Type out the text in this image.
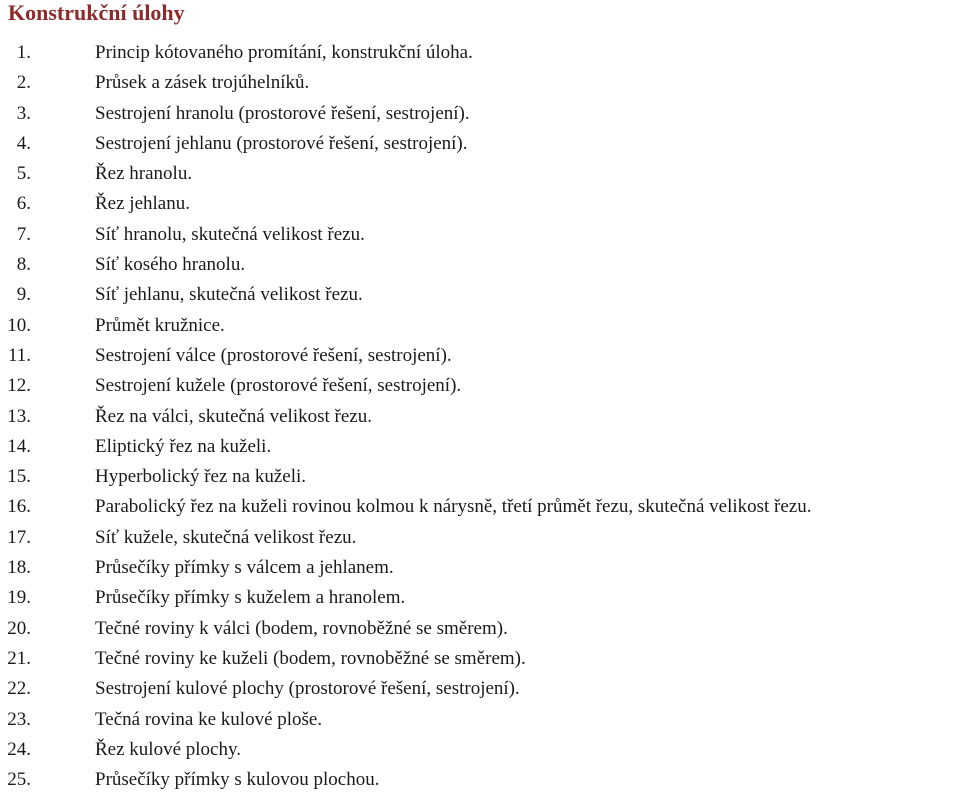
Konstrukční úlohy
1.	Princip kótovaného promítání, konstrukční úloha.
2.	Průsek a zásek trojúhelníků.
3.	Sestrojení hranolu (prostorové řešení, sestrojení).
4.	Sestrojení jehlanu (prostorové řešení, sestrojení).
5.	Řez hranolu.
6.	Řez jehlanu.
7.	Síť hranolu, skutečná velikost řezu.
8.	Síť kosého hranolu.
9.	Síť jehlanu, skutečná velikost řezu.
10.	Průmět kružnice.
11.	Sestrojení válce (prostorové řešení, sestrojení).
12.	Sestrojení kužele (prostorové řešení, sestrojení).
13.	Řez na válci, skutečná velikost řezu.
14.	Eliptický řez na kuželi.
15.	Hyperbolický řez na kuželi.
16.	Parabolický řez na kuželi rovinou kolmou k nárysně, třetí průmět řezu, skutečná velikost řezu.
17.	Síť kužele, skutečná velikost řezu.
18.	Průsečíky přímky s válcem a jehlanem.
19.	Průsečíky přímky s kuželem a hranolem.
20.	Tečné roviny k válci (bodem, rovnoběžné se směrem).
21.	Tečné roviny ke kuželi (bodem, rovnoběžné se směrem).
22.	Sestrojení kulové plochy (prostorové řešení, sestrojení).
23.	Tečná rovina ke kulové ploše.
24.	Řez kulové plochy.
25.	Průsečíky přímky s kulovou plochou.
